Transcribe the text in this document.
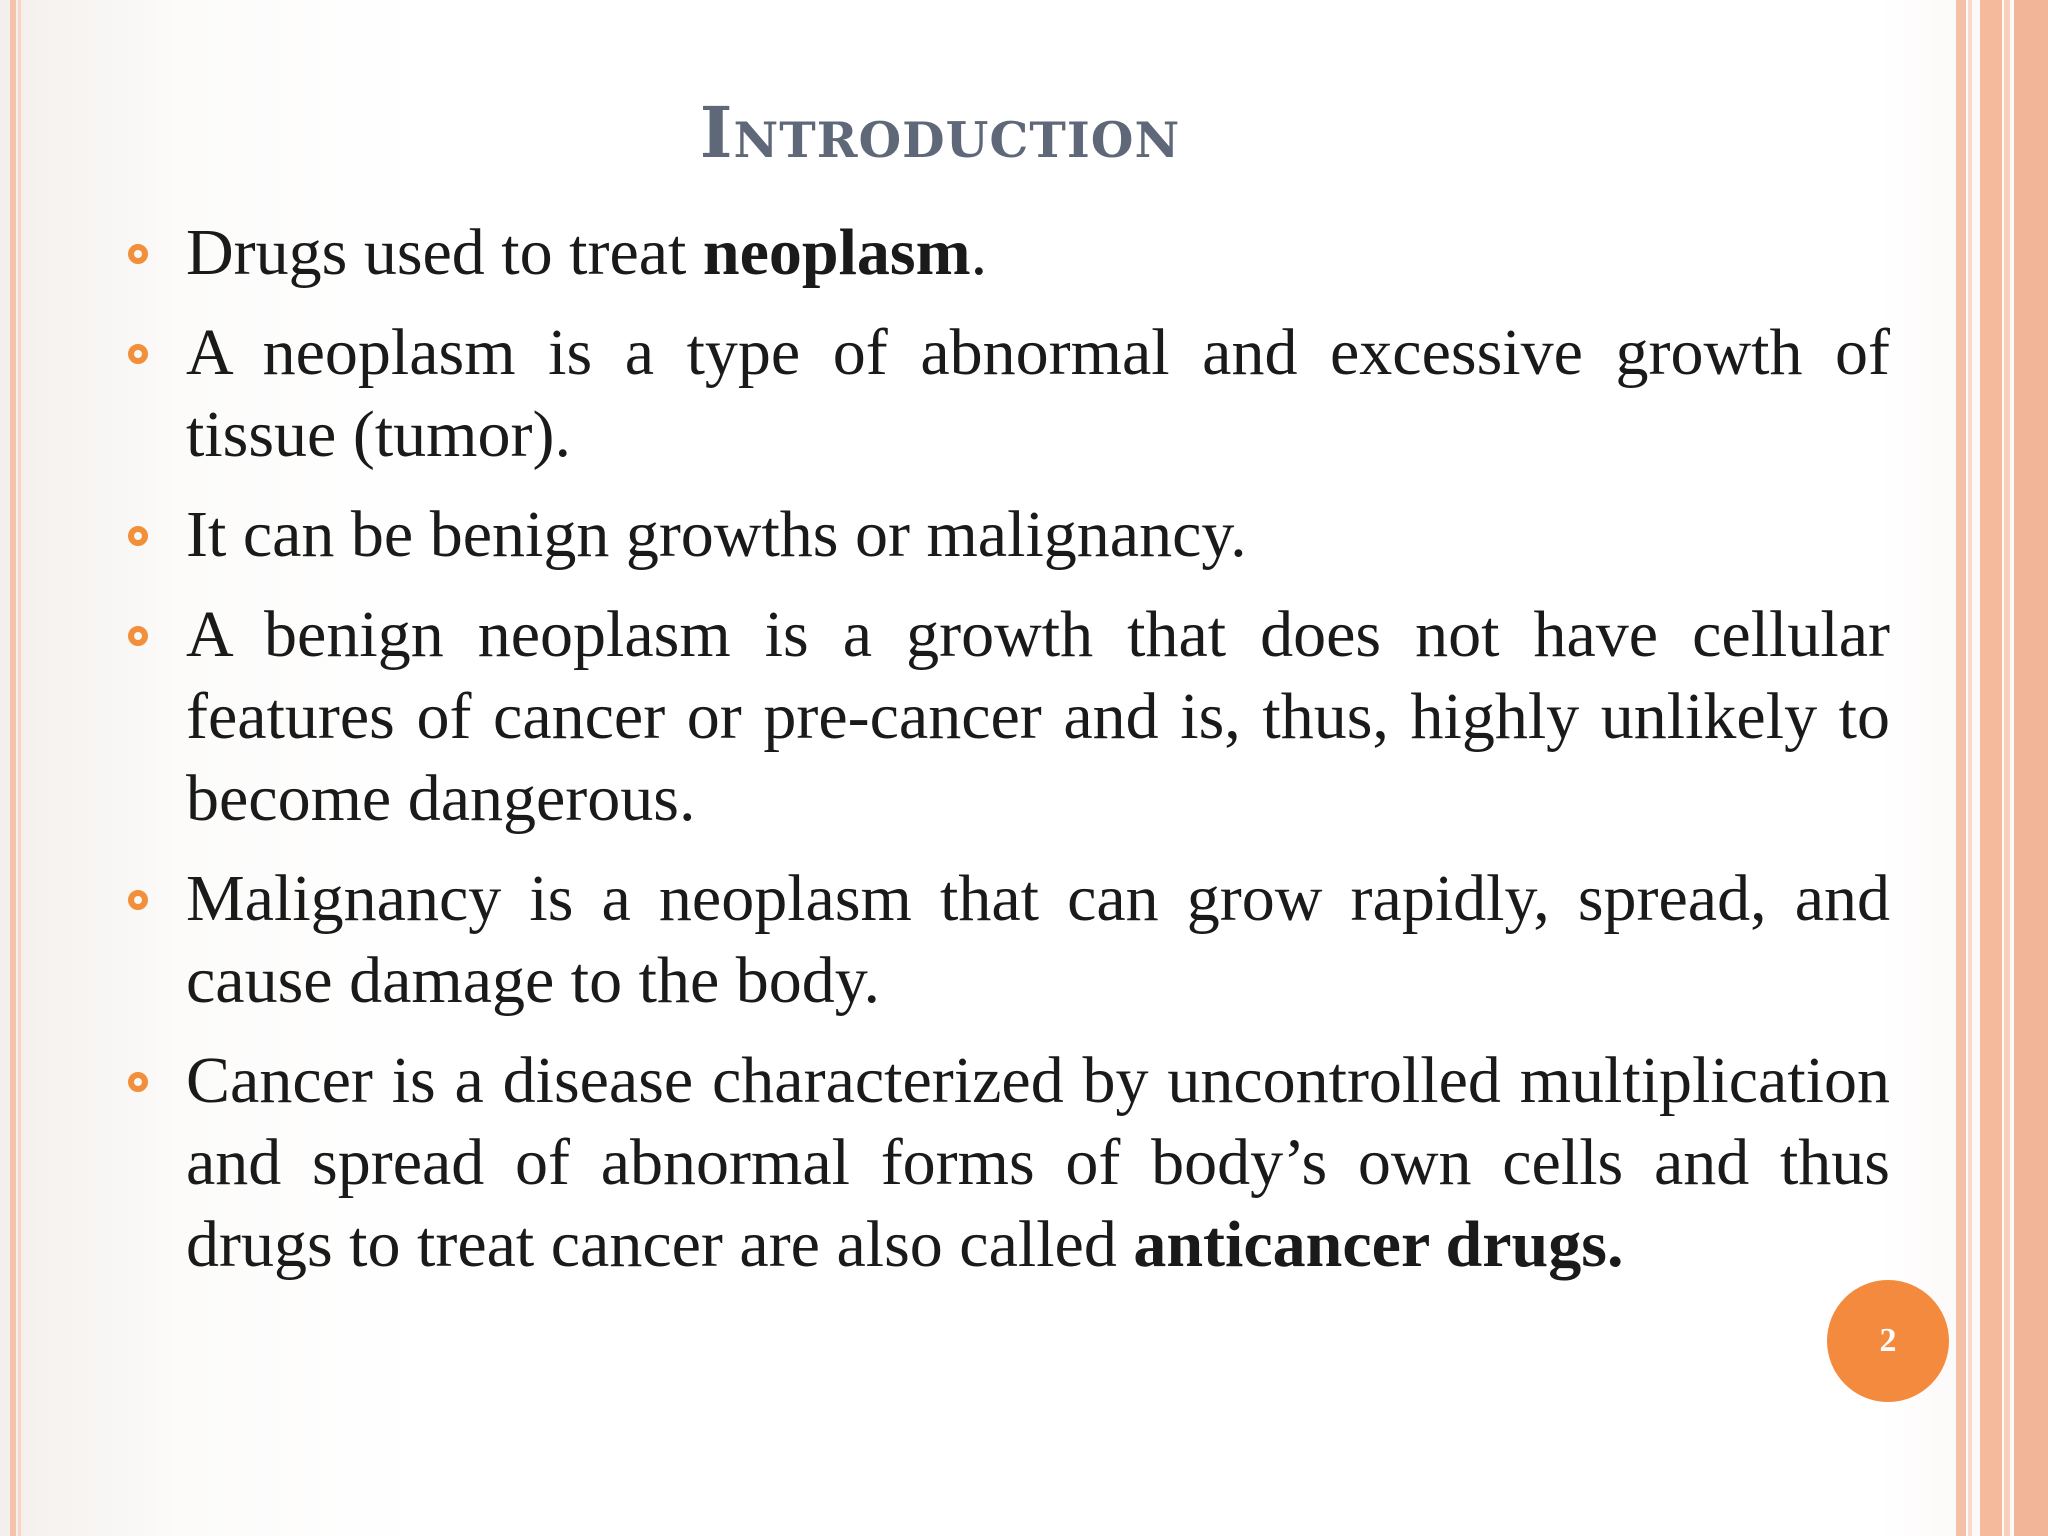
Introduction
Drugs used to treat neoplasm.
A neoplasm is a type of abnormal and excessive growth of tissue (tumor).
It can be benign growths or malignancy.
A benign neoplasm is a growth that does not have cellular features of cancer or pre-cancer and is, thus, highly unlikely to become dangerous.
Malignancy is a neoplasm that can grow rapidly, spread, and cause damage to the body.
Cancer is a disease characterized by uncontrolled multiplication and spread of abnormal forms of body’s own cells and thus drugs to treat cancer are also called anticancer drugs.
2
